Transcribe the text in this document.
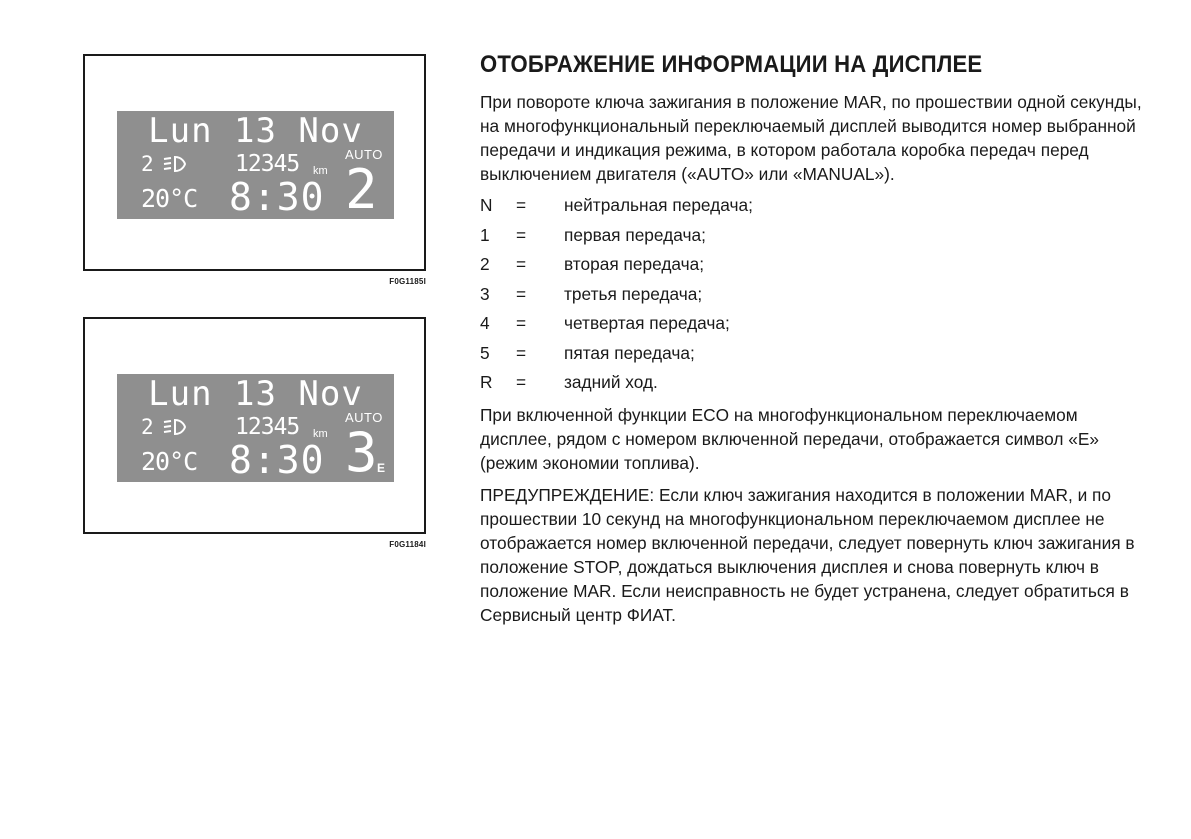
Lun 13 Nov
2	12345 km
AUTO
20°C 8:30 2
F0G1185I
Lun 13 Nov
2	12345 km
AUTO
20°C 8:30 3 E
F0G1184I
ОТОБРАЖЕНИЕ ИНФОРМАЦИИ НА ДИСПЛЕЕ

При повороте ключа зажигания в положение MAR, по прошествии одной секунды, на многофункциональный переключаемый дисплей выводится номер выбранной передачи и индикация режима, в котором работала коробка передач перед выключением двигателя («AUTO» или «MANUAL»).

N	=	нейтральная передача;
1	=	первая передача;
2	=	вторая передача;
3	=	третья передача;
4	=	четвертая передача;
5	=	пятая передача;
R	=	задний ход.

При включенной функции ECO на многофункциональном переключаемом дисплее, рядом с номером включенной передачи, отображается символ «E» (режим экономии топлива).

ПРЕДУПРЕЖДЕНИЕ: Если ключ зажигания находится в положении MAR, и по прошествии 10 секунд на многофункциональном переключаемом дисплее не отображается номер включенной передачи, следует повернуть ключ зажигания в положение STOP, дождаться выключения дисплея и снова повернуть ключ в положение MAR. Если неисправность не будет устранена, следует обратиться в Сервисный центр ФИАТ.
